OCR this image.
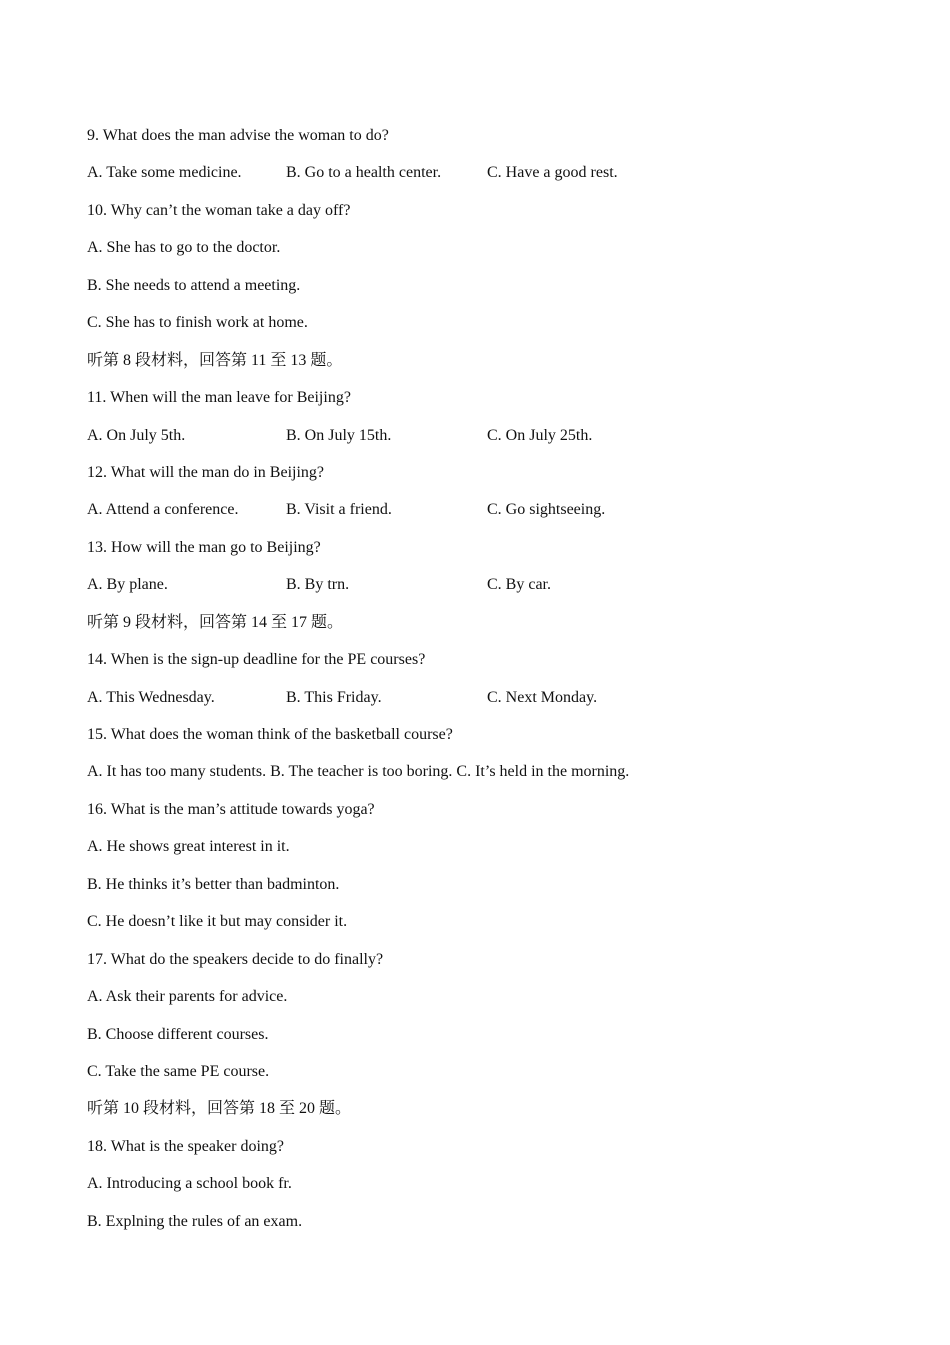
9. What does the man advise the woman to do?
A. Take some medicine.	B. Go to a health center.	C. Have a good rest.
10. Why can’t the woman take a day off?
A. She has to go to the doctor.
B. She needs to attend a meeting.
C. She has to finish work at home.
听第 8 段材料，回答第 11 至 13 题。
11. When will the man leave for Beijing?
A. On July 5th.	B. On July 15th.	C. On July 25th.
12. What will the man do in Beijing?
A. Attend a conference.	B. Visit a friend.	C. Go sightseeing.
13. How will the man go to Beijing?
A. By plane.	B. By trn.	C. By car.
听第 9 段材料，回答第 14 至 17 题。
14. When is the sign-up deadline for the PE courses?
A. This Wednesday.	B. This Friday.	C. Next Monday.
15. What does the woman think of the basketball course?
A. It has too many students. B. The teacher is too boring. C. It’s held in the morning.
16. What is the man’s attitude towards yoga?
A. He shows great interest in it.
B. He thinks it’s better than badminton.
C. He doesn’t like it but may consider it.
17. What do the speakers decide to do finally?
A. Ask their parents for advice.
B. Choose different courses.
C. Take the same PE course.
听第 10 段材料，回答第 18 至 20 题。
18. What is the speaker doing?
A. Introducing a school book fr.
B. Explning the rules of an exam.
